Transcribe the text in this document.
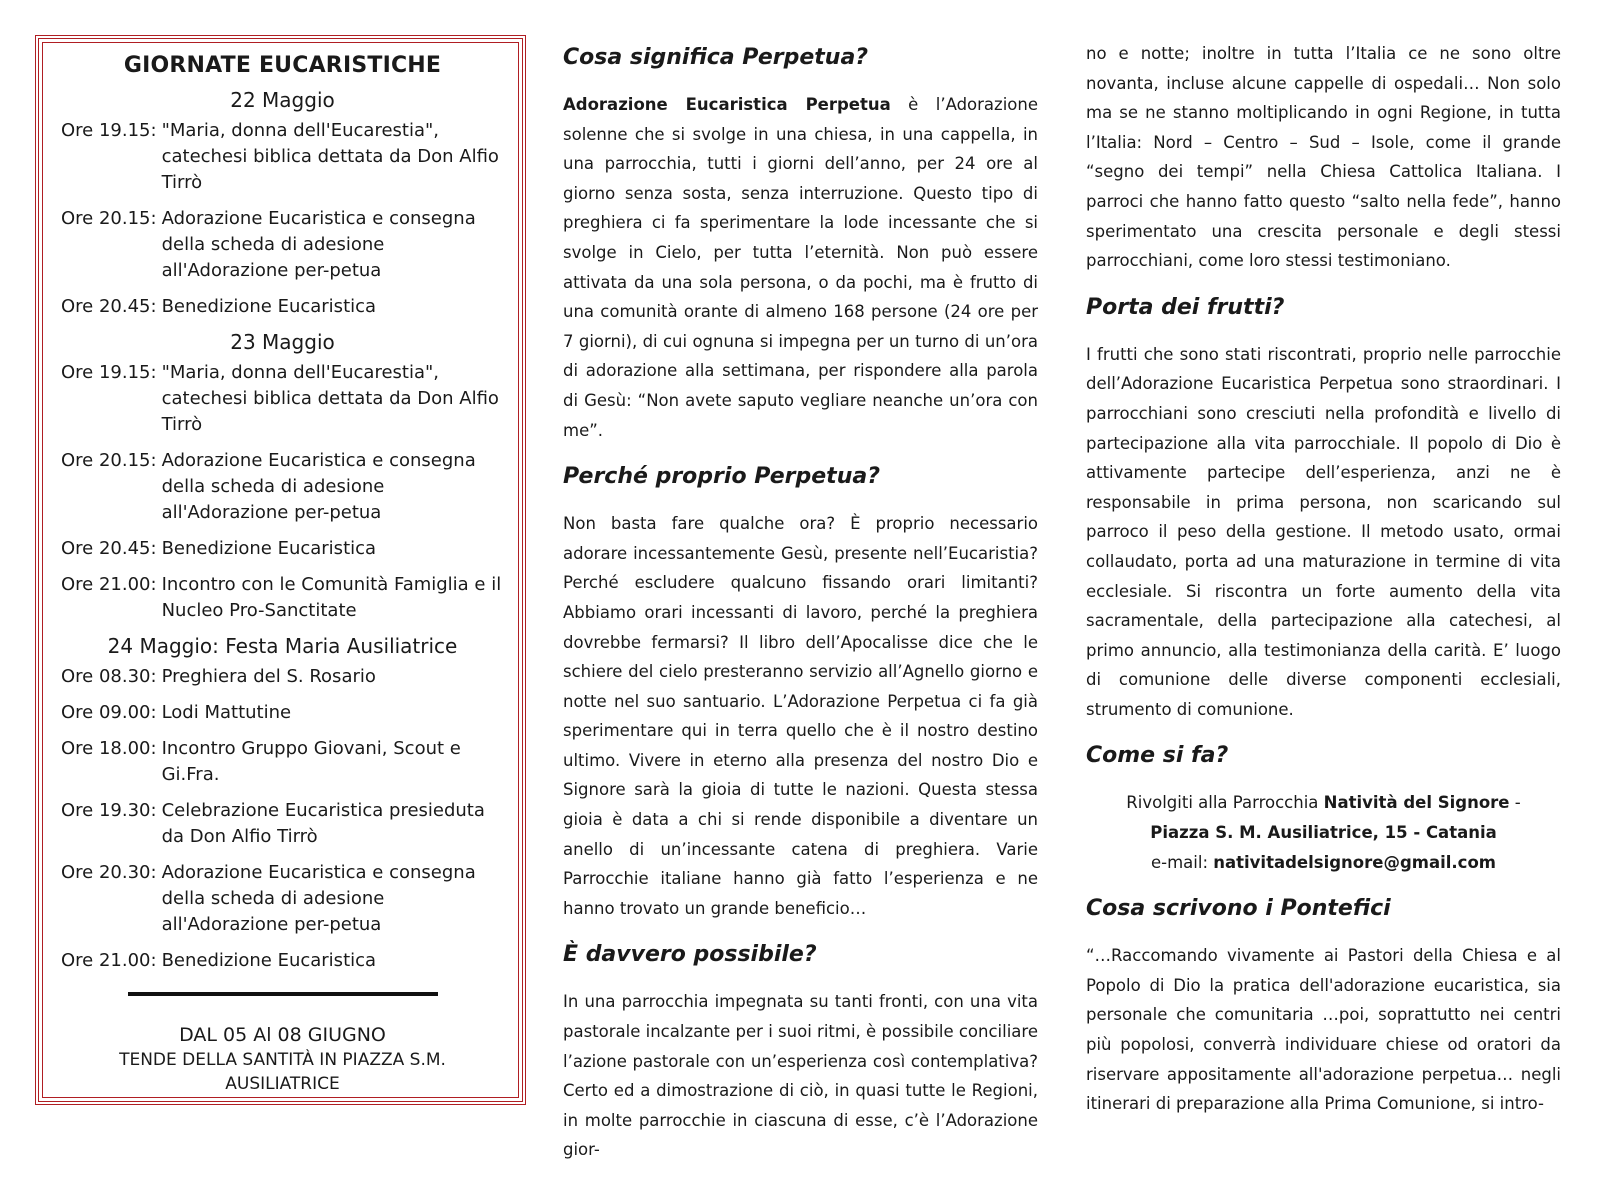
GIORNATE EUCARISTICHE
22 Maggio
Ore 19.15: "Maria, donna dell'Eucarestia", catechesi biblica dettata da Don Alfio Tirrò
Ore 20.15: Adorazione Eucaristica e consegna della scheda di adesione all'Adorazione per-petua
Ore 20.45: Benedizione Eucaristica
23 Maggio
Ore 19.15: "Maria, donna dell'Eucarestia", catechesi biblica dettata da Don Alfio Tirrò
Ore 20.15: Adorazione Eucaristica e consegna della scheda di adesione all'Adorazione per-petua
Ore 20.45: Benedizione Eucaristica
Ore 21.00: Incontro con le Comunità Famiglia e il Nucleo Pro-Sanctitate
24 Maggio: Festa Maria Ausiliatrice
Ore 08.30: Preghiera del S. Rosario
Ore 09.00: Lodi Mattutine
Ore 18.00: Incontro Gruppo Giovani, Scout e Gi.Fra.
Ore 19.30: Celebrazione Eucaristica presieduta da Don Alfio Tirrò
Ore 20.30: Adorazione Eucaristica e consegna della scheda di adesione all'Adorazione per-petua
Ore 21.00: Benedizione Eucaristica
DAL 05 Al 08 GIUGNO
TENDE DELLA SANTITÀ IN PIAZZA S.M. AUSILIATRICE
Cosa significa Perpetua?

Adorazione Eucaristica Perpetua è l’Adorazione solenne che si svolge in una chiesa, in una cappella, in una parrocchia, tutti i giorni dell’anno, per 24 ore al giorno senza sosta, senza interruzione. Questo tipo di preghiera ci fa sperimentare la lode incessante che si svolge in Cielo, per tutta l’eternità. Non può essere attivata da una sola persona, o da pochi, ma è frutto di una comunità orante di almeno 168 persone (24 ore per 7 giorni), di cui ognuna si impegna per un turno di un’ora di adorazione alla settimana, per rispondere alla parola di Gesù: “Non avete saputo vegliare neanche un’ora con me”.

Perché proprio Perpetua?

Non basta fare qualche ora? È proprio necessario adorare incessantemente Gesù, presente nell’Eucaristia? Perché escludere qualcuno fissando orari limitanti? Abbiamo orari incessanti di lavoro, perché la preghiera dovrebbe fermarsi? Il libro dell’Apocalisse dice che le schiere del cielo presteranno servizio all’Agnello giorno e notte nel suo santuario. L’Adorazione Perpetua ci fa già sperimentare qui in terra quello che è il nostro destino ultimo. Vivere in eterno alla presenza del nostro Dio e Signore sarà la gioia di tutte le nazioni. Questa stessa gioia è data a chi si rende disponibile a diventare un anello di un’incessante catena di preghiera. Varie Parrocchie italiane hanno già fatto l’esperienza e ne hanno trovato un grande beneficio…

È davvero possibile?

In una parrocchia impegnata su tanti fronti, con una vita pastorale incalzante per i suoi ritmi, è possibile conciliare l’azione pastorale con un’esperienza così contemplativa? Certo ed a dimostrazione di ciò, in quasi tutte le Regioni, in molte parrocchie in ciascuna di esse, c’è l’Adorazione gior-

no e notte; inoltre in tutta l’Italia ce ne sono oltre novanta, incluse alcune cappelle di ospedali… Non solo ma se ne stanno moltiplicando in ogni Regione, in tutta l’Italia: Nord – Centro – Sud – Isole, come il grande “segno dei tempi” nella Chiesa Cattolica Italiana. I parroci che hanno fatto questo “salto nella fede”, hanno sperimentato una crescita personale e degli stessi parrocchiani, come loro stessi testimoniano.

Porta dei frutti?

I frutti che sono stati riscontrati, proprio nelle parrocchie dell’Adorazione Eucaristica Perpetua sono straordinari. I parrocchiani sono cresciuti nella profondità e livello di partecipazione alla vita parrocchiale. Il popolo di Dio è attivamente partecipe dell’esperienza, anzi ne è responsabile in prima persona, non scaricando sul parroco il peso della gestione. Il metodo usato, ormai collaudato, porta ad una maturazione in termine di vita ecclesiale. Si riscontra un forte aumento della vita sacramentale, della partecipazione alla catechesi, al primo annuncio, alla testimonianza della carità. E’ luogo di comunione delle diverse componenti ecclesiali, strumento di comunione.

Come si fa?
Rivolgiti alla Parrocchia Natività del Signore -
Piazza S. M. Ausiliatrice, 15 - Catania
e-mail: nativitadelsignore@gmail.com
Cosa scrivono i Pontefici

“…Raccomando vivamente ai Pastori della Chiesa e al Popolo di Dio la pratica dell'adorazione eucaristica, sia personale che comunitaria …poi, soprattutto nei centri più popolosi, converrà individuare chiese od oratori da riservare appositamente all'adorazione perpetua… negli itinerari di preparazione alla Prima Comunione, si intro-
